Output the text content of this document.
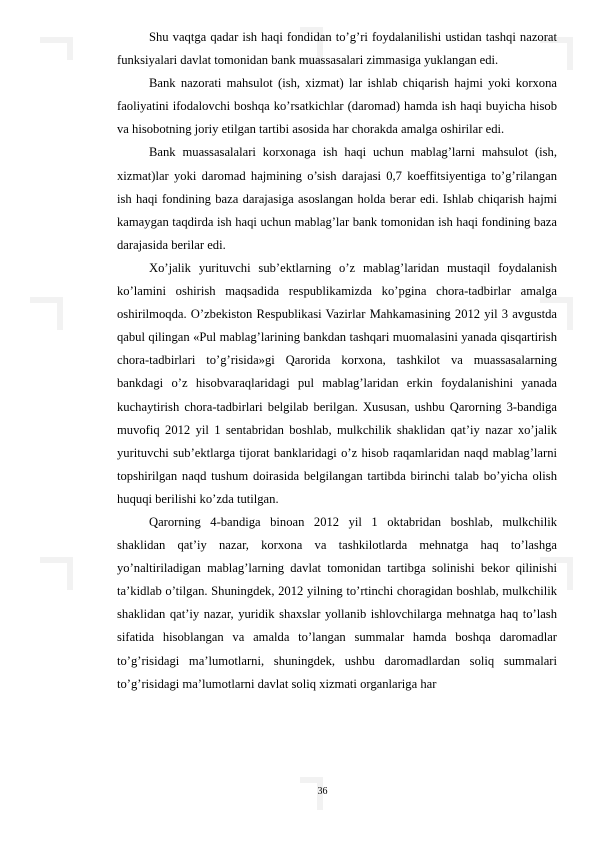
Shu vaqtga qadar ish haqi fondidan to’g’ri foydalanilishi ustidan tashqi nazorat funksiyalari davlat tomonidan bank muassasalari zimmasiga yuklangan edi.

Bank nazorati mahsulot (ish, xizmat) lar ishlab chiqarish hajmi yoki korxona faoliyatini ifodalovchi boshqa ko’rsatkichlar (daromad) hamda ish haqi buyicha hisob va hisobotning joriy etilgan tartibi asosida har chorakda amalga oshirilar edi.

Bank muassasalalari korxonaga ish haqi uchun mablag’larni mahsulot (ish, xizmat)lar yoki daromad hajmining o’sish darajasi 0,7 koeffitsiyentiga to’g’rilangan ish haqi fondining baza darajasiga asoslangan holda berar edi. Ishlab chiqarish hajmi kamaygan taqdirda ish haqi uchun mablag’lar bank tomonidan ish haqi fondining baza darajasida berilar edi.

Xo’jalik yurituvchi sub’ektlarning o’z mablag’laridan mustaqil foydalanish ko’lamini oshirish maqsadida respublikamizda ko’pgina chora-tadbirlar amalga oshirilmoqda. O’zbekiston Respublikasi Vazirlar Mahkamasining 2012 yil 3 avgustda qabul qilingan «Pul mablag’larining bankdan tashqari muomalasini yanada qisqartirish chora-tadbirlari to’g’risida»gi Qarorida korxona, tashkilot va muassasalarning bankdagi o’z hisobvaraqlaridagi pul mablag’laridan erkin foydalanishini yanada kuchaytirish chora-tadbirlari belgilab berilgan. Xususan, ushbu Qarorning 3-bandiga muvofiq 2012 yil 1 sentabridan boshlab, mulkchilik shaklidan qat’iy nazar xo’jalik yurituvchi sub’ektlarga tijorat banklaridagi o’z hisob raqamlaridan naqd mablag’larni topshirilgan naqd tushum doirasida belgilangan tartibda birinchi talab bo’yicha olish huquqi berilishi ko’zda tutilgan.

Qarorning 4-bandiga binoan 2012 yil 1 oktabridan boshlab, mulkchilik shaklidan qat’iy nazar, korxona va tashkilotlarda mehnatga haq to’lashga yo’naltiriladigan mablag’larning davlat tomonidan tartibga solinishi bekor qilinishi ta’kidlab o’tilgan. Shuningdek, 2012 yilning to’rtinchi choragidan boshlab, mulkchilik shaklidan qat’iy nazar, yuridik shaxslar yollanib ishlovchilarga mehnatga haq to’lash sifatida hisoblangan va amalda to’langan summalar hamda boshqa daromadlar to’g’risidagi ma’lumotlarni, shuningdek, ushbu daromadlardan soliq summalari to’g’risidagi ma’lumotlarni davlat soliq xizmati organlariga har

36
